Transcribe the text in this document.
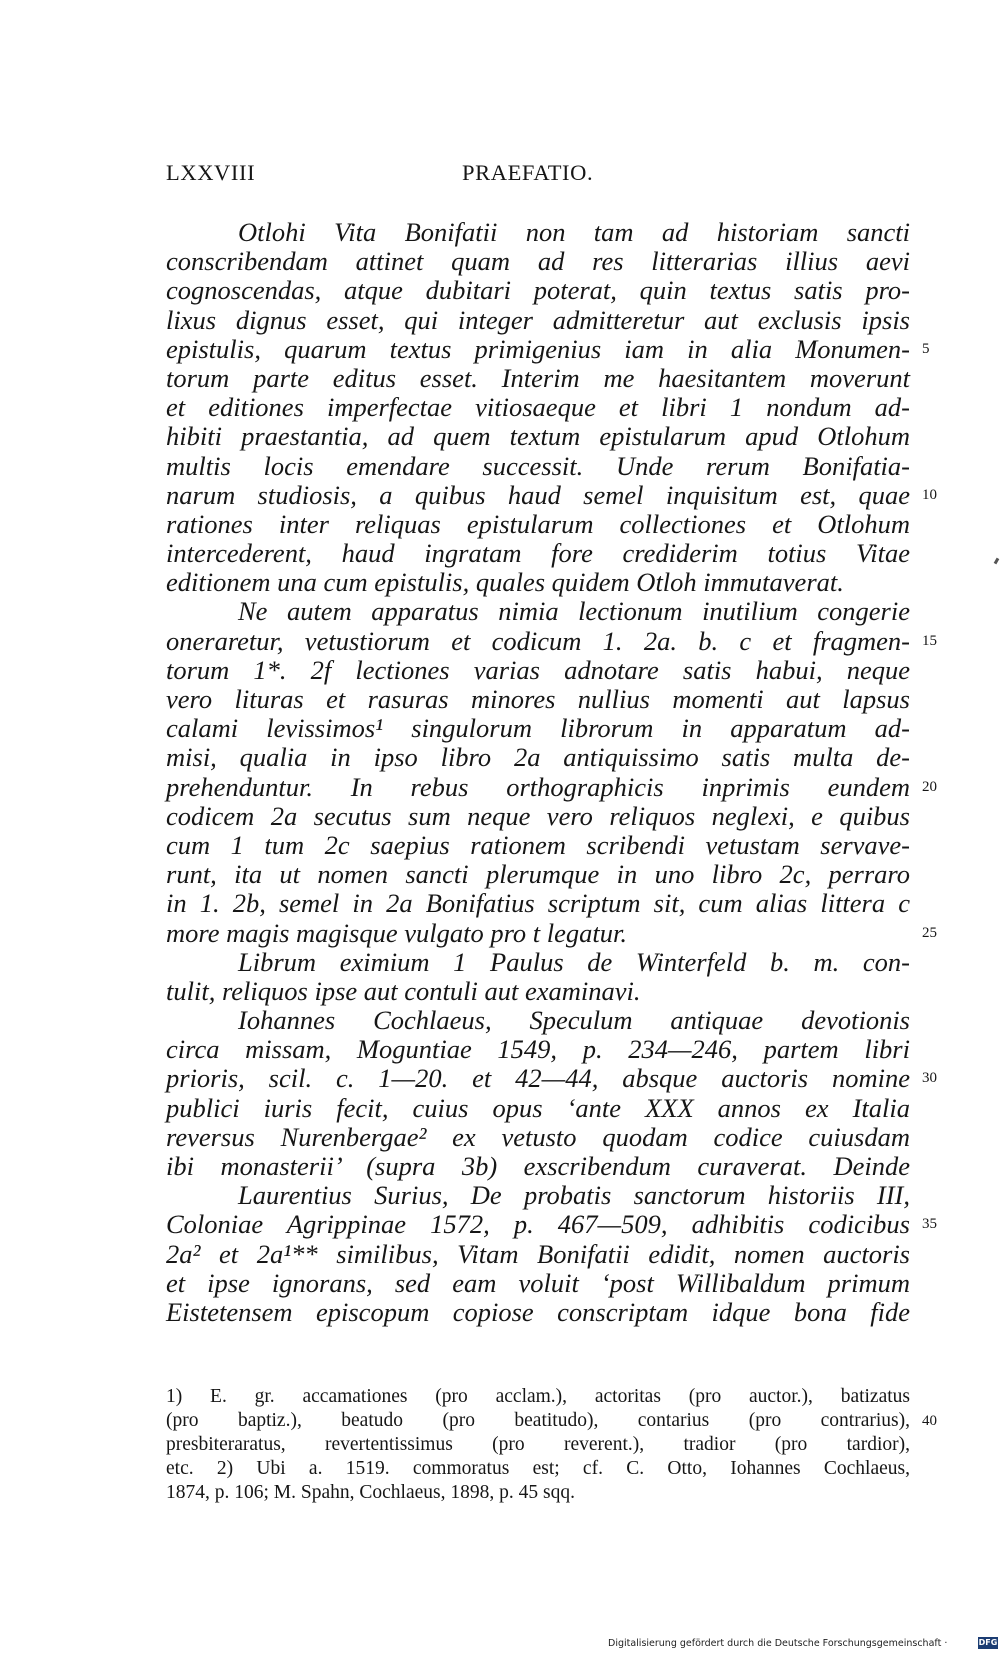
LXXVIII	PRAEFATIO.
Otlohi Vita Bonifatii non tam ad historiam sancti
conscribendam attinet quam ad res litterarias illius aevi
cognoscendas, atque dubitari poterat, quin textus satis pro-
lixus dignus esset, qui integer admitteretur aut exclusis ipsis
epistulis, quarum textus primigenius iam in alia Monumen- 5
torum parte editus esset. Interim me haesitantem moverunt
et editiones imperfectae vitiosaeque et libri 1 nondum ad-
hibiti praestantia, ad quem textum epistularum apud Otlohum
multis locis emendare successit. Unde rerum Bonifatia-
narum studiosis, a quibus haud semel inquisitum est, quae 10
rationes inter reliquas epistularum collectiones et Otlohum
intercederent, haud ingratam fore crediderim totius Vitae
editionem una cum epistulis, quales quidem Otloh immutaverat.
Ne autem apparatus nimia lectionum inutilium congerie
oneraretur, vetustiorum et codicum 1. 2a. b. c et fragmen- 15
torum 1*. 2f lectiones varias adnotare satis habui, neque
vero lituras et rasuras minores nullius momenti aut lapsus
calami levissimos¹ singulorum librorum in apparatum ad-
misi, qualia in ipso libro 2a antiquissimo satis multa de-
prehenduntur. In rebus orthographicis inprimis eundem 20
codicem 2a secutus sum neque vero reliquos neglexi, e quibus
cum 1 tum 2c saepius rationem scribendi vetustam servave-
runt, ita ut nomen sancti plerumque in uno libro 2c, perraro
in 1. 2b, semel in 2a Bonifatius scriptum sit, cum alias littera c
more magis magisque vulgato pro t legatur.	25
Librum eximium 1 Paulus de Winterfeld b. m. con-
tulit, reliquos ipse aut contuli aut examinavi.
Iohannes Cochlaeus, Speculum antiquae devotionis
circa missam, Moguntiae 1549, p. 234—246, partem libri
prioris, scil. c. 1—20. et 42—44, absque auctoris nomine 30
publici iuris fecit, cuius opus ‘ante XXX annos ex Italia
reversus Nurenbergae² ex vetusto quodam codice cuiusdam
ibi monasterii’ (supra 3b) exscribendum curaverat. Deinde
Laurentius Surius, De probatis sanctorum historiis III,
Coloniae Agrippinae 1572, p. 467—509, adhibitis codicibus 35
2a² et 2a¹** similibus, Vitam Bonifatii edidit, nomen auctoris
et ipse ignorans, sed eam voluit ‘post Willibaldum primum
Eistetensem episcopum copiose conscriptam idque bona fide
1) E. gr. accamationes (pro acclam.), actoritas (pro auctor.), batizatus
(pro baptiz.), beatudo (pro beatitudo), contarius (pro contrarius), 40
presbiteraratus, revertentissimus (pro reverent.), tradior (pro tardior),
etc. 2) Ubi a. 1519. commoratus est; cf. C. Otto, Iohannes Cochlaeus,
1874, p. 106; M. Spahn, Cochlaeus, 1898, p. 45 sqq.
Digitalisierung gefördert durch die Deutsche Forschungsgemeinschaft ·	DFG
